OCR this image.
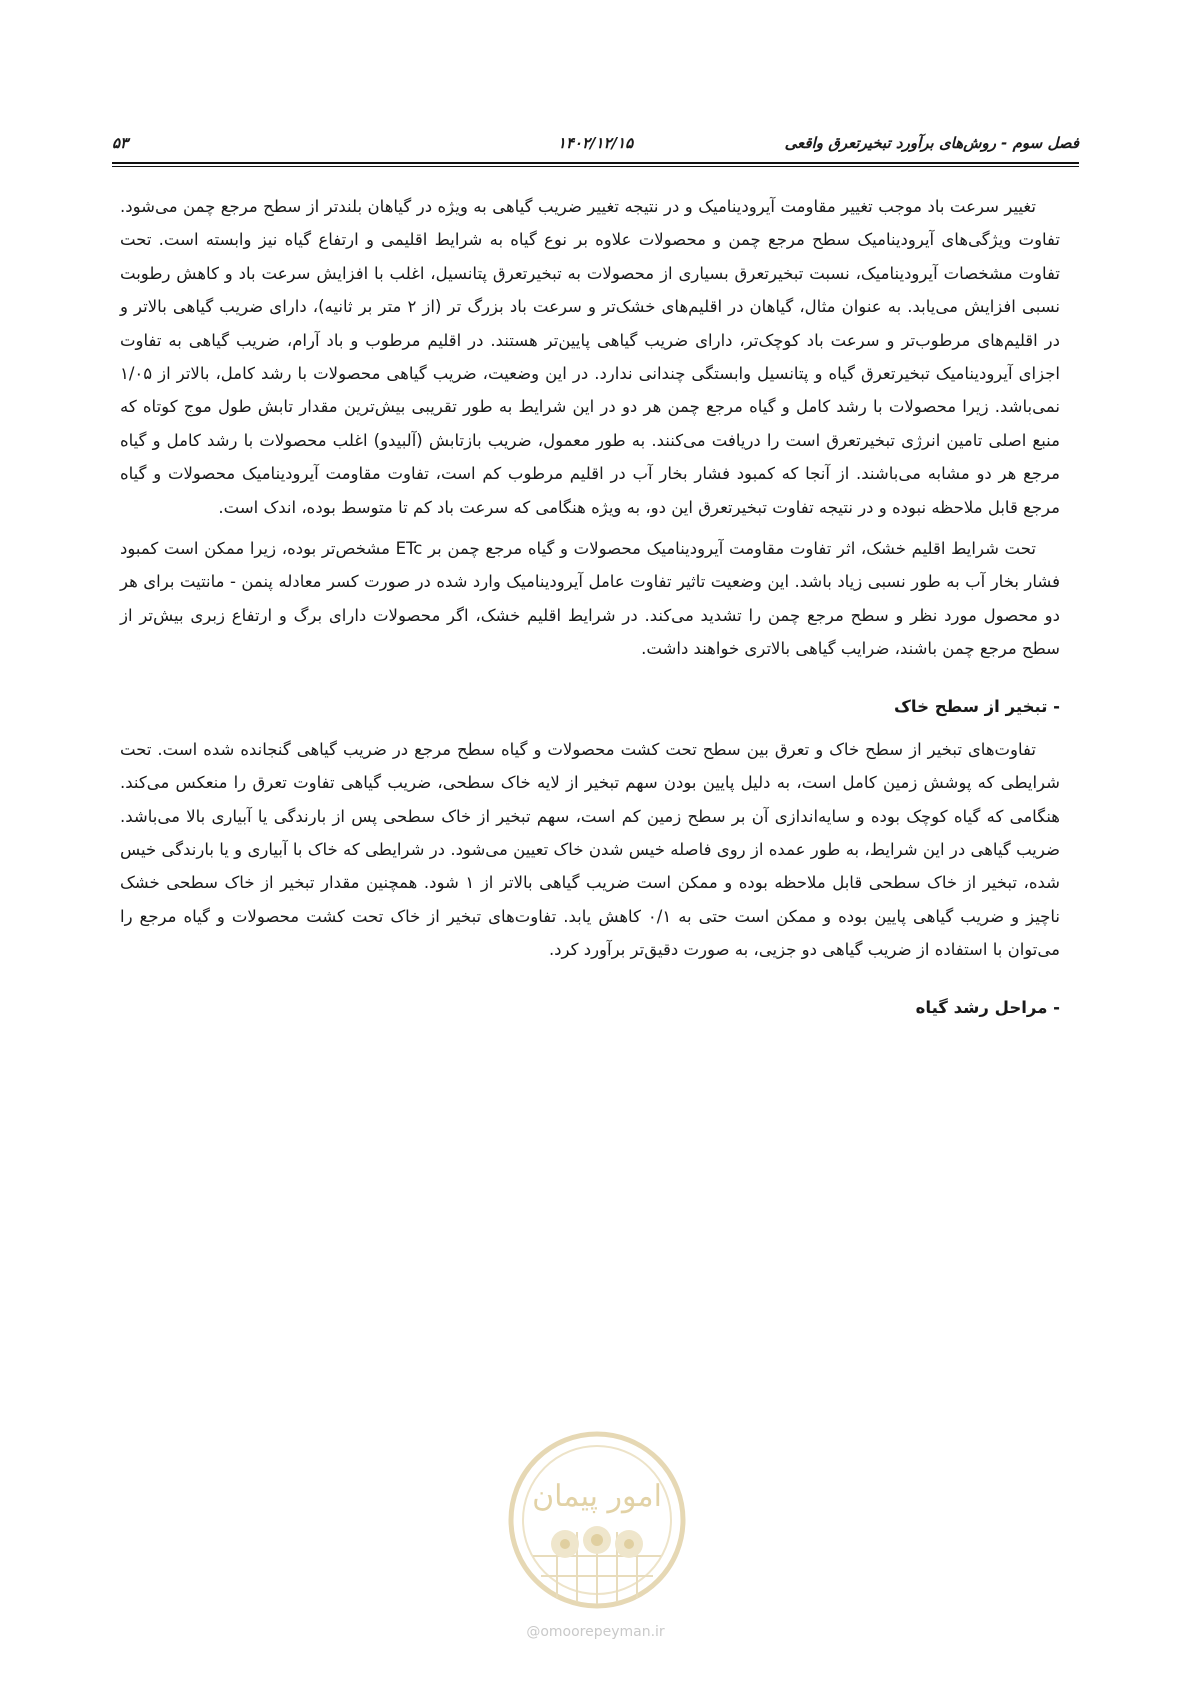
فصل سوم - روش‌های برآورد تبخیرتعرق واقعی
۱۴۰۲/۱۲/۱۵
۵۳

تغییر سرعت باد موجب تغییر مقاومت آیرودینامیک و در نتیجه تغییر ضریب گیاهی به ویژه در گیاهان بلندتر از سطح مرجع چمن می‌شود. تفاوت ویژگی‌های آیرودینامیک سطح مرجع چمن و محصولات علاوه بر نوع گیاه به شرایط اقلیمی و ارتفاع گیاه نیز وابسته است. تحت تفاوت مشخصات آیرودینامیک، نسبت تبخیرتعرق بسیاری از محصولات به تبخیرتعرق پتانسیل، اغلب با افزایش سرعت باد و کاهش رطوبت نسبی افزایش می‌یابد. به عنوان مثال، گیاهان در اقلیم‌های خشک‌تر و سرعت باد بزرگ تر (از ۲ متر بر ثانیه)، دارای ضریب گیاهی بالاتر و در اقلیم‌های مرطوب‌تر و سرعت باد کوچک‌تر، دارای ضریب گیاهی پایین‌تر هستند. در اقلیم مرطوب و باد آرام، ضریب گیاهی به تفاوت اجزای آیرودینامیک تبخیرتعرق گیاه و پتانسیل وابستگی چندانی ندارد. در این وضعیت، ضریب گیاهی محصولات با رشد کامل، بالاتر از ۱/۰۵ نمی‌باشد. زیرا محصولات با رشد کامل و گیاه مرجع چمن هر دو در این شرایط به طور تقریبی بیش‌ترین مقدار تابش طول موج کوتاه که منبع اصلی تامین انرژی تبخیرتعرق است را دریافت می‌کنند. به طور معمول، ضریب بازتابش (آلبیدو) اغلب محصولات با رشد کامل و گیاه مرجع هر دو مشابه می‌باشند. از آنجا که کمبود فشار بخار آب در اقلیم مرطوب کم است، تفاوت مقاومت آیرودینامیک محصولات و گیاه مرجع قابل ملاحظه نبوده و در نتیجه تفاوت تبخیرتعرق این دو، به ویژه هنگامی که سرعت باد کم تا متوسط بوده، اندک است.

تحت شرایط اقلیم خشک، اثر تفاوت مقاومت آیرودینامیک محصولات و گیاه مرجع چمن بر ETc مشخص‌تر بوده، زیرا ممکن است کمبود فشار بخار آب به طور نسبی زیاد باشد. این وضعیت تاثیر تفاوت عامل آیرودینامیک وارد شده در صورت کسر معادله پنمن - مانتیت برای هر دو محصول مورد نظر و سطح مرجع چمن را تشدید می‌کند. در شرایط اقلیم خشک، اگر محصولات دارای برگ و ارتفاع زبری بیش‌تر از سطح مرجع چمن باشند، ضرایب گیاهی بالاتری خواهند داشت.

- تبخیر از سطح خاک

تفاوت‌های تبخیر از سطح خاک و تعرق بین سطح تحت کشت محصولات و گیاه سطح مرجع در ضریب گیاهی گنجانده شده است. تحت شرایطی که پوشش زمین کامل است، به دلیل پایین بودن سهم تبخیر از لایه خاک سطحی، ضریب گیاهی تفاوت تعرق را منعکس می‌کند. هنگامی که گیاه کوچک بوده و سایه‌اندازی آن بر سطح زمین کم است، سهم تبخیر از خاک سطحی پس از بارندگی یا آبیاری بالا می‌باشد. ضریب گیاهی در این شرایط، به طور عمده از روی فاصله خیس شدن خاک تعیین می‌شود. در شرایطی که خاک با آبیاری و یا بارندگی خیس شده، تبخیر از خاک سطحی قابل ملاحظه بوده و ممکن است ضریب گیاهی بالاتر از ۱ شود. همچنین مقدار تبخیر از خاک سطحی خشک ناچیز و ضریب گیاهی پایین بوده و ممکن است حتی به ۰/۱ کاهش یابد. تفاوت‌های تبخیر از خاک تحت کشت محصولات و گیاه مرجع را می‌توان با استفاده از ضریب گیاهی دو جزیی، به صورت دقیق‌تر برآورد کرد.

- مراحل رشد گیاه
امور پیمان
@omoorepeyman.ir
